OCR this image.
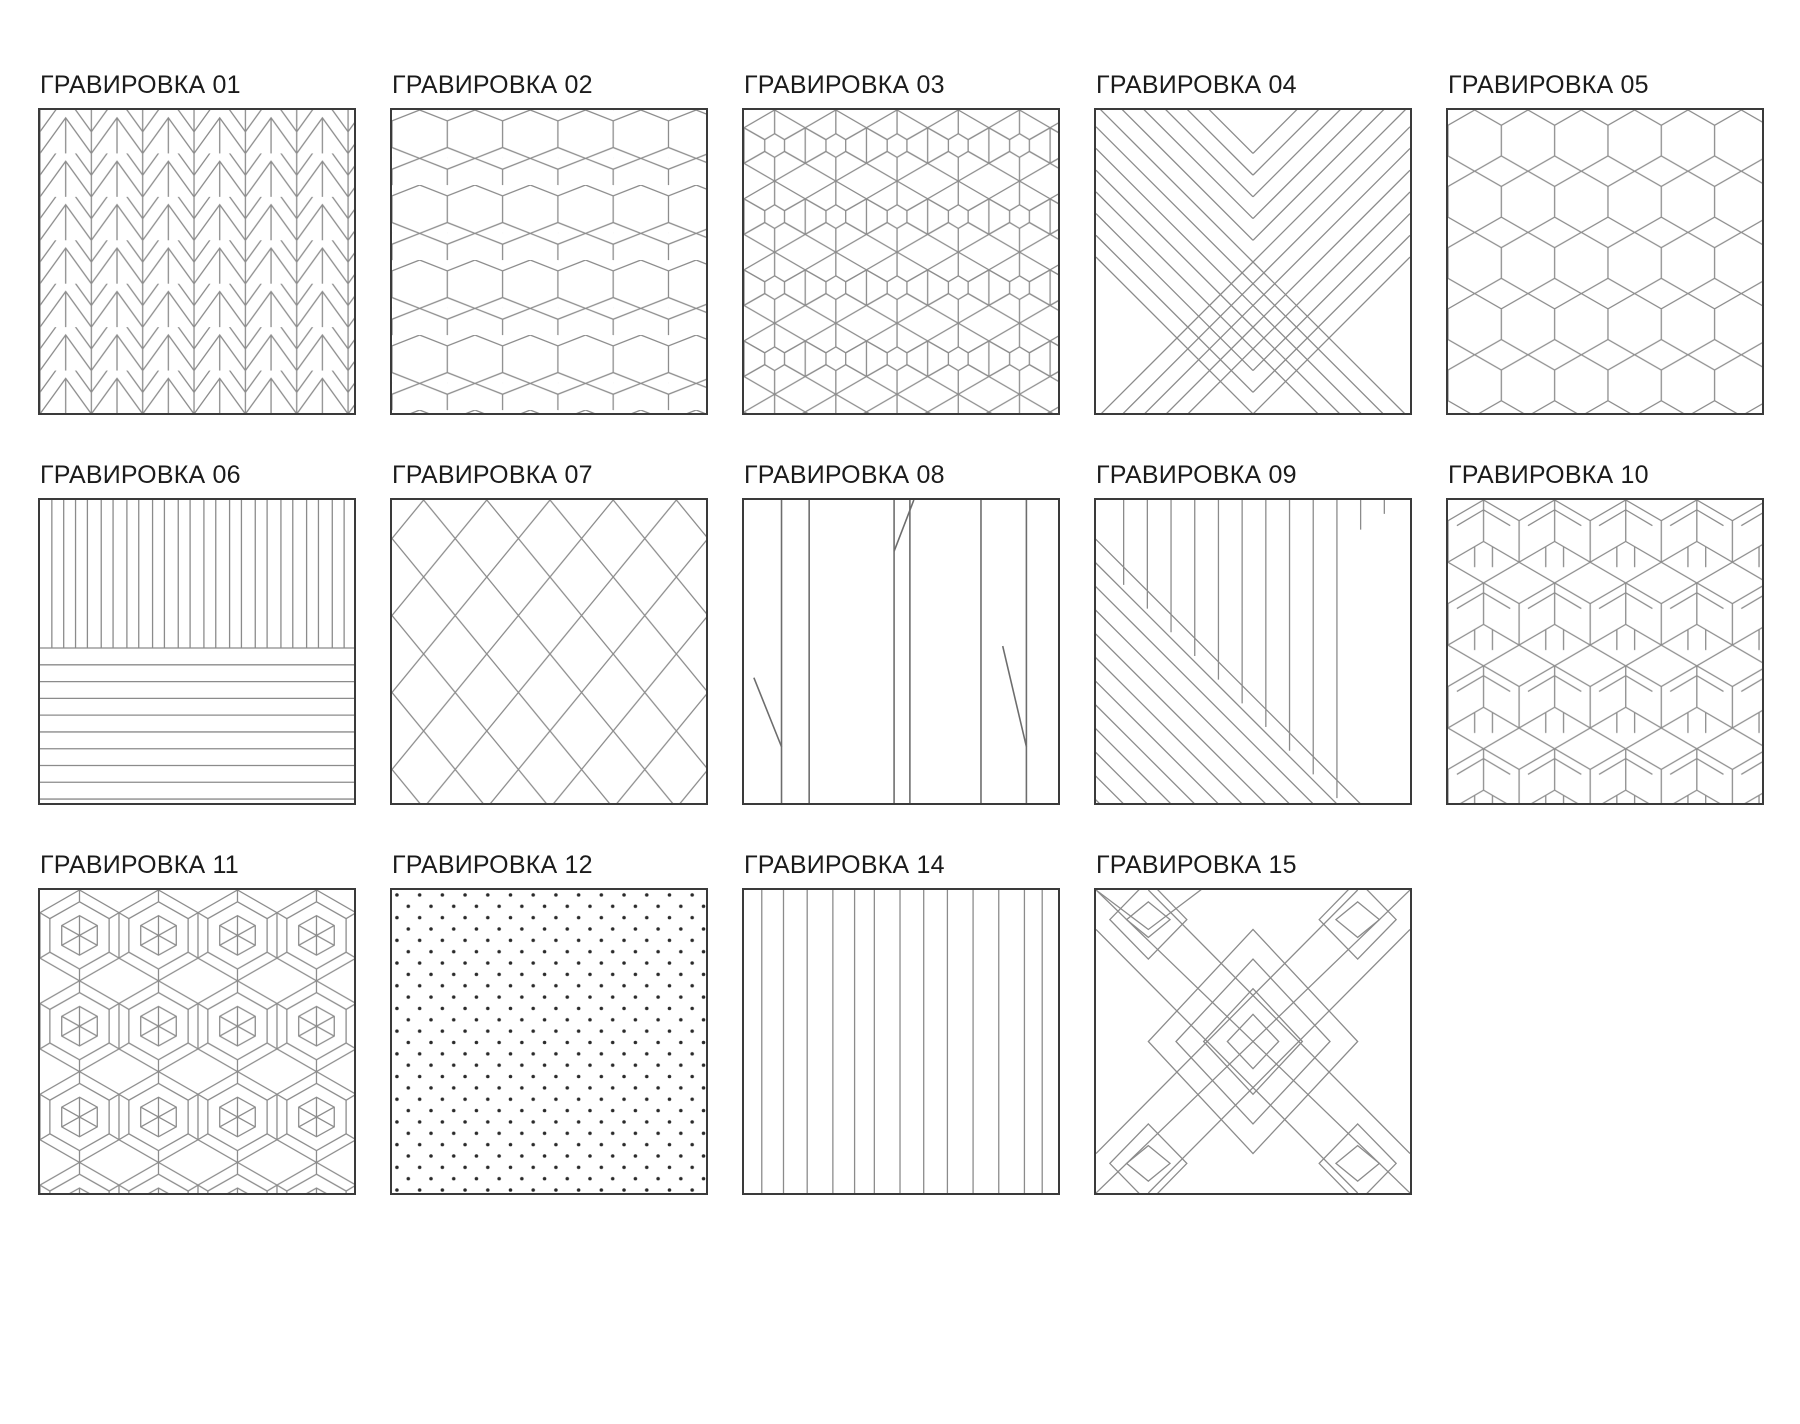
ГРАВИРОВКА 01	ГРАВИРОВКА 02	ГРАВИРОВКА 03	ГРАВИРОВКА 04	ГРАВИРОВКА 05
ГРАВИРОВКА 06	ГРАВИРОВКА 07	ГРАВИРОВКА 08	ГРАВИРОВКА 09	ГРАВИРОВКА 10
ГРАВИРОВКА 11	ГРАВИРОВКА 12	ГРАВИРОВКА 14	ГРАВИРОВКА 15
